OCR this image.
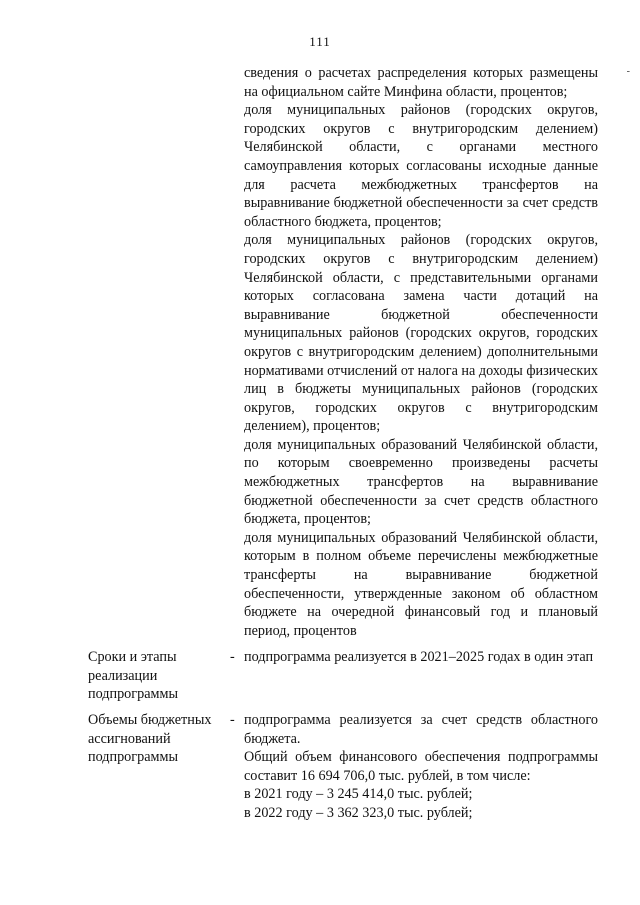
111
-

сведения о расчетах распределения которых размещены на официальном сайте Минфина области, процентов;

доля муниципальных районов (городских округов, городских округов с внутригородским делением) Челябинской области, с органами местного самоуправления которых согласованы исходные данные для расчета межбюджетных трансфертов на выравнивание бюджетной обеспеченности за счет средств областного бюджета, процентов;

доля муниципальных районов (городских округов, городских округов с внутригородским делением) Челябинской области, с представительными органами которых согласована замена части дотаций на выравнивание бюджетной обеспеченности муниципальных районов (городских округов, городских округов с внутригородским делением) дополнительными нормативами отчислений от налога на доходы физических лиц в бюджеты муниципальных районов (городских округов, городских округов с внутригородским делением), процентов;

доля муниципальных образований Челябинской области, по которым своевременно произведены расчеты межбюджетных трансфертов на выравнивание бюджетной обеспеченности за счет средств областного бюджета, процентов;

доля муниципальных образований Челябинской области, которым в полном объеме перечислены межбюджетные трансферты на выравнивание бюджетной обеспеченности, утвержденные законом об областном бюджете на очередной финансовый год и плановый период, процентов

Сроки и этапы реализации подпрограммы
- подпрограмма реализуется в 2021–2025 годах в один этап

Объемы бюджетных ассигнований подпрограммы
- подпрограмма реализуется за счет средств областного бюджета.

Общий объем финансового обеспечения подпрограммы составит 16 694 706,0 тыс. рублей, в том числе:

в 2021 году – 3 245 414,0 тыс. рублей;

в 2022 году – 3 362 323,0 тыс. рублей;
